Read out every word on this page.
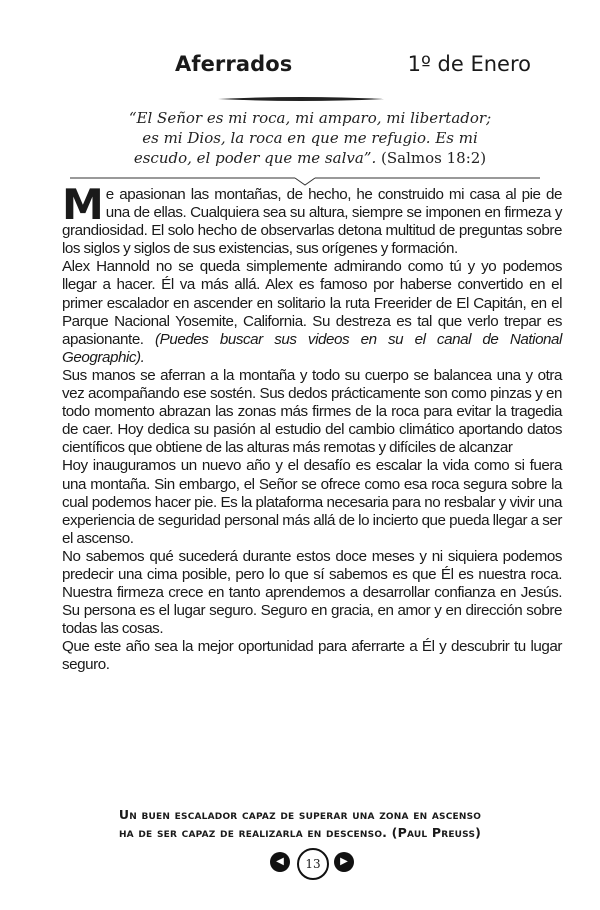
Aferrados	1º de Enero
“El Señor es mi roca, mi amparo, mi libertador; es mi Dios, la roca en que me refugio. Es mi escudo, el poder que me salva”. (Salmos 18:2)

Me apasionan las montañas, de hecho, he construido mi casa al pie de una de ellas. Cualquiera sea su altura, siempre se imponen en firmeza y grandiosidad. El solo hecho de observarlas detona multitud de preguntas sobre los siglos y siglos de sus existencias, sus orígenes y formación.

Alex Hannold no se queda simplemente admirando como tú y yo podemos llegar a hacer. Él va más allá. Alex es famoso por haberse convertido en el primer escalador en ascender en solitario la ruta Freerider de El Capitán, en el Parque Nacional Yosemite, California. Su destreza es tal que verlo trepar es apasionante. (Puedes buscar sus videos en su el canal de National Geographic).

Sus manos se aferran a la montaña y todo su cuerpo se balancea una y otra vez acompañando ese sostén. Sus dedos prácticamente son como pinzas y en todo momento abrazan las zonas más firmes de la roca para evitar la tragedia de caer. Hoy dedica su pasión al estudio del cambio climático aportando datos científicos que obtiene de las alturas más remotas y difíciles de alcanzar

Hoy inauguramos un nuevo año y el desafío es escalar la vida como si fuera una montaña. Sin embargo, el Señor se ofrece como esa roca segura sobre la cual podemos hacer pie. Es la plataforma necesaria para no resbalar y vivir una experiencia de seguridad personal más allá de lo incierto que pueda llegar a ser el ascenso.

No sabemos qué sucederá durante estos doce meses y ni siquiera podemos predecir una cima posible, pero lo que sí sabemos es que Él es nuestra roca. Nuestra firmeza crece en tanto aprendemos a desarrollar confianza en Jesús. Su persona es el lugar seguro. Seguro en gracia, en amor y en dirección sobre todas las cosas.

Que este año sea la mejor oportunidad para aferrarte a Él y descubrir tu lugar seguro.

Un buen escalador capaz de superar una zona en ascenso
ha de ser capaz de realizarla en descenso. (Paul Preuss)
◀	13	▶
